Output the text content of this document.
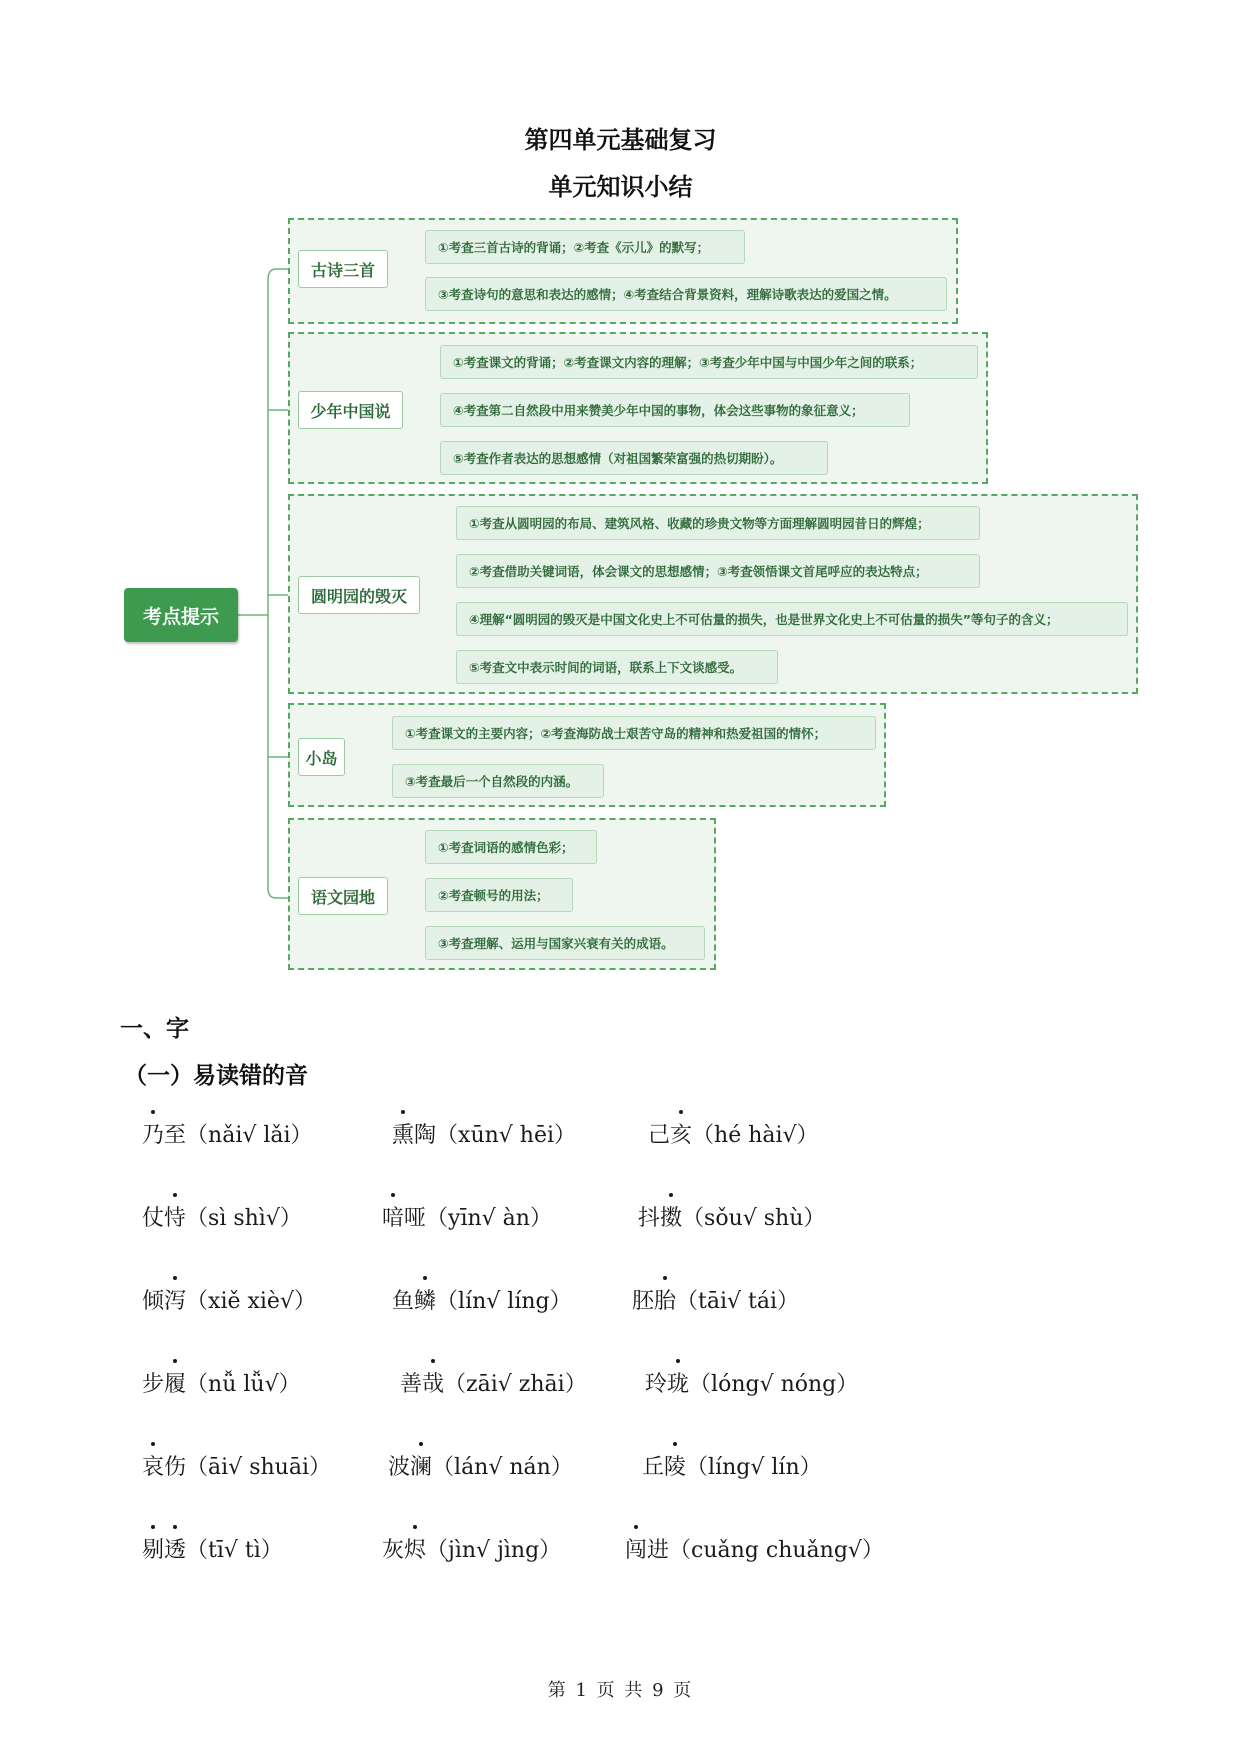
第四单元基础复习
单元知识小结
考点提示
古诗三首
①考查三首古诗的背诵；②考查《示儿》的默写；
③考查诗句的意思和表达的感情；④考查结合背景资料，理解诗歌表达的爱国之情。
少年中国说
①考查课文的背诵；②考查课文内容的理解；③考查少年中国与中国少年之间的联系；
④考查第二自然段中用来赞美少年中国的事物，体会这些事物的象征意义；
⑤考查作者表达的思想感情（对祖国繁荣富强的热切期盼）。
圆明园的毁灭
①考查从圆明园的布局、建筑风格、收藏的珍贵文物等方面理解圆明园昔日的辉煌；
②考查借助关键词语，体会课文的思想感情；③考查领悟课文首尾呼应的表达特点；
④理解“圆明园的毁灭是中国文化史上不可估量的损失，也是世界文化史上不可估量的损失”等句子的含义；
⑤考查文中表示时间的词语，联系上下文谈感受。
小岛
①考查课文的主要内容；②考查海防战士艰苦守岛的精神和热爱祖国的情怀；
③考查最后一个自然段的内涵。
语文园地
①考查词语的感情色彩；
②考查顿号的用法；
③考查理解、运用与国家兴衰有关的成语。
一、字
（一）易读错的音
乃至（nǎi√ lǎi）	熏陶（xūn√ hēi）	己亥（hé hài√）
仗恃（sì shì√）	喑哑（yīn√ àn）	抖擞（sǒu√ shù）
倾泻（xiě xiè√）	鱼鳞（lín√ líng）	胚胎（tāi√ tái）
步履（nǚ lǚ√）	善哉（zāi√ zhāi）	玲珑（lóng√ nóng）
哀伤（āi√ shuāi）	波澜（lán√ nán）	丘陵（líng√ lín）
剔透（tī√ tì）	灰烬（jìn√ jìng）	闯进（cuǎng chuǎng√）
第 1 页 共 9 页
